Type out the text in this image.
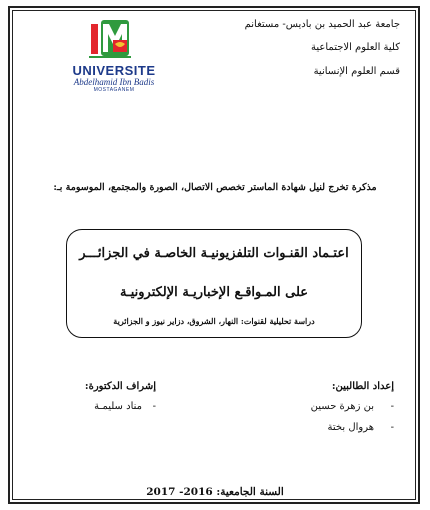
جامعة عبد الحميد بن باديس- مستغانم
كلية العلوم الاجتماعية
قسم العلوم الإنسانية
UNIVERSITE
Abdelhamid Ibn Badis
MOSTAGANEM
مذكرة تخرج لنيل شهادة الماستر تخصص الاتصال، الصورة والمجتمع، الموسومة بـ:
اعتـماد القنـوات التلفزيونيـة الخاصـة في الجزائـــر
على المـواقـع الإخباريـة الإلكترونيـة
دراسة تحليلية لقنوات: النهار، الشروق، دزاير نيوز و الجزائرية
إعداد الطالبين:
- بن زهرة حسين
- هروال بختة
إشراف الدكتورة:
- مناد سليمـة
السنة الجامعية: 2016- 2017
